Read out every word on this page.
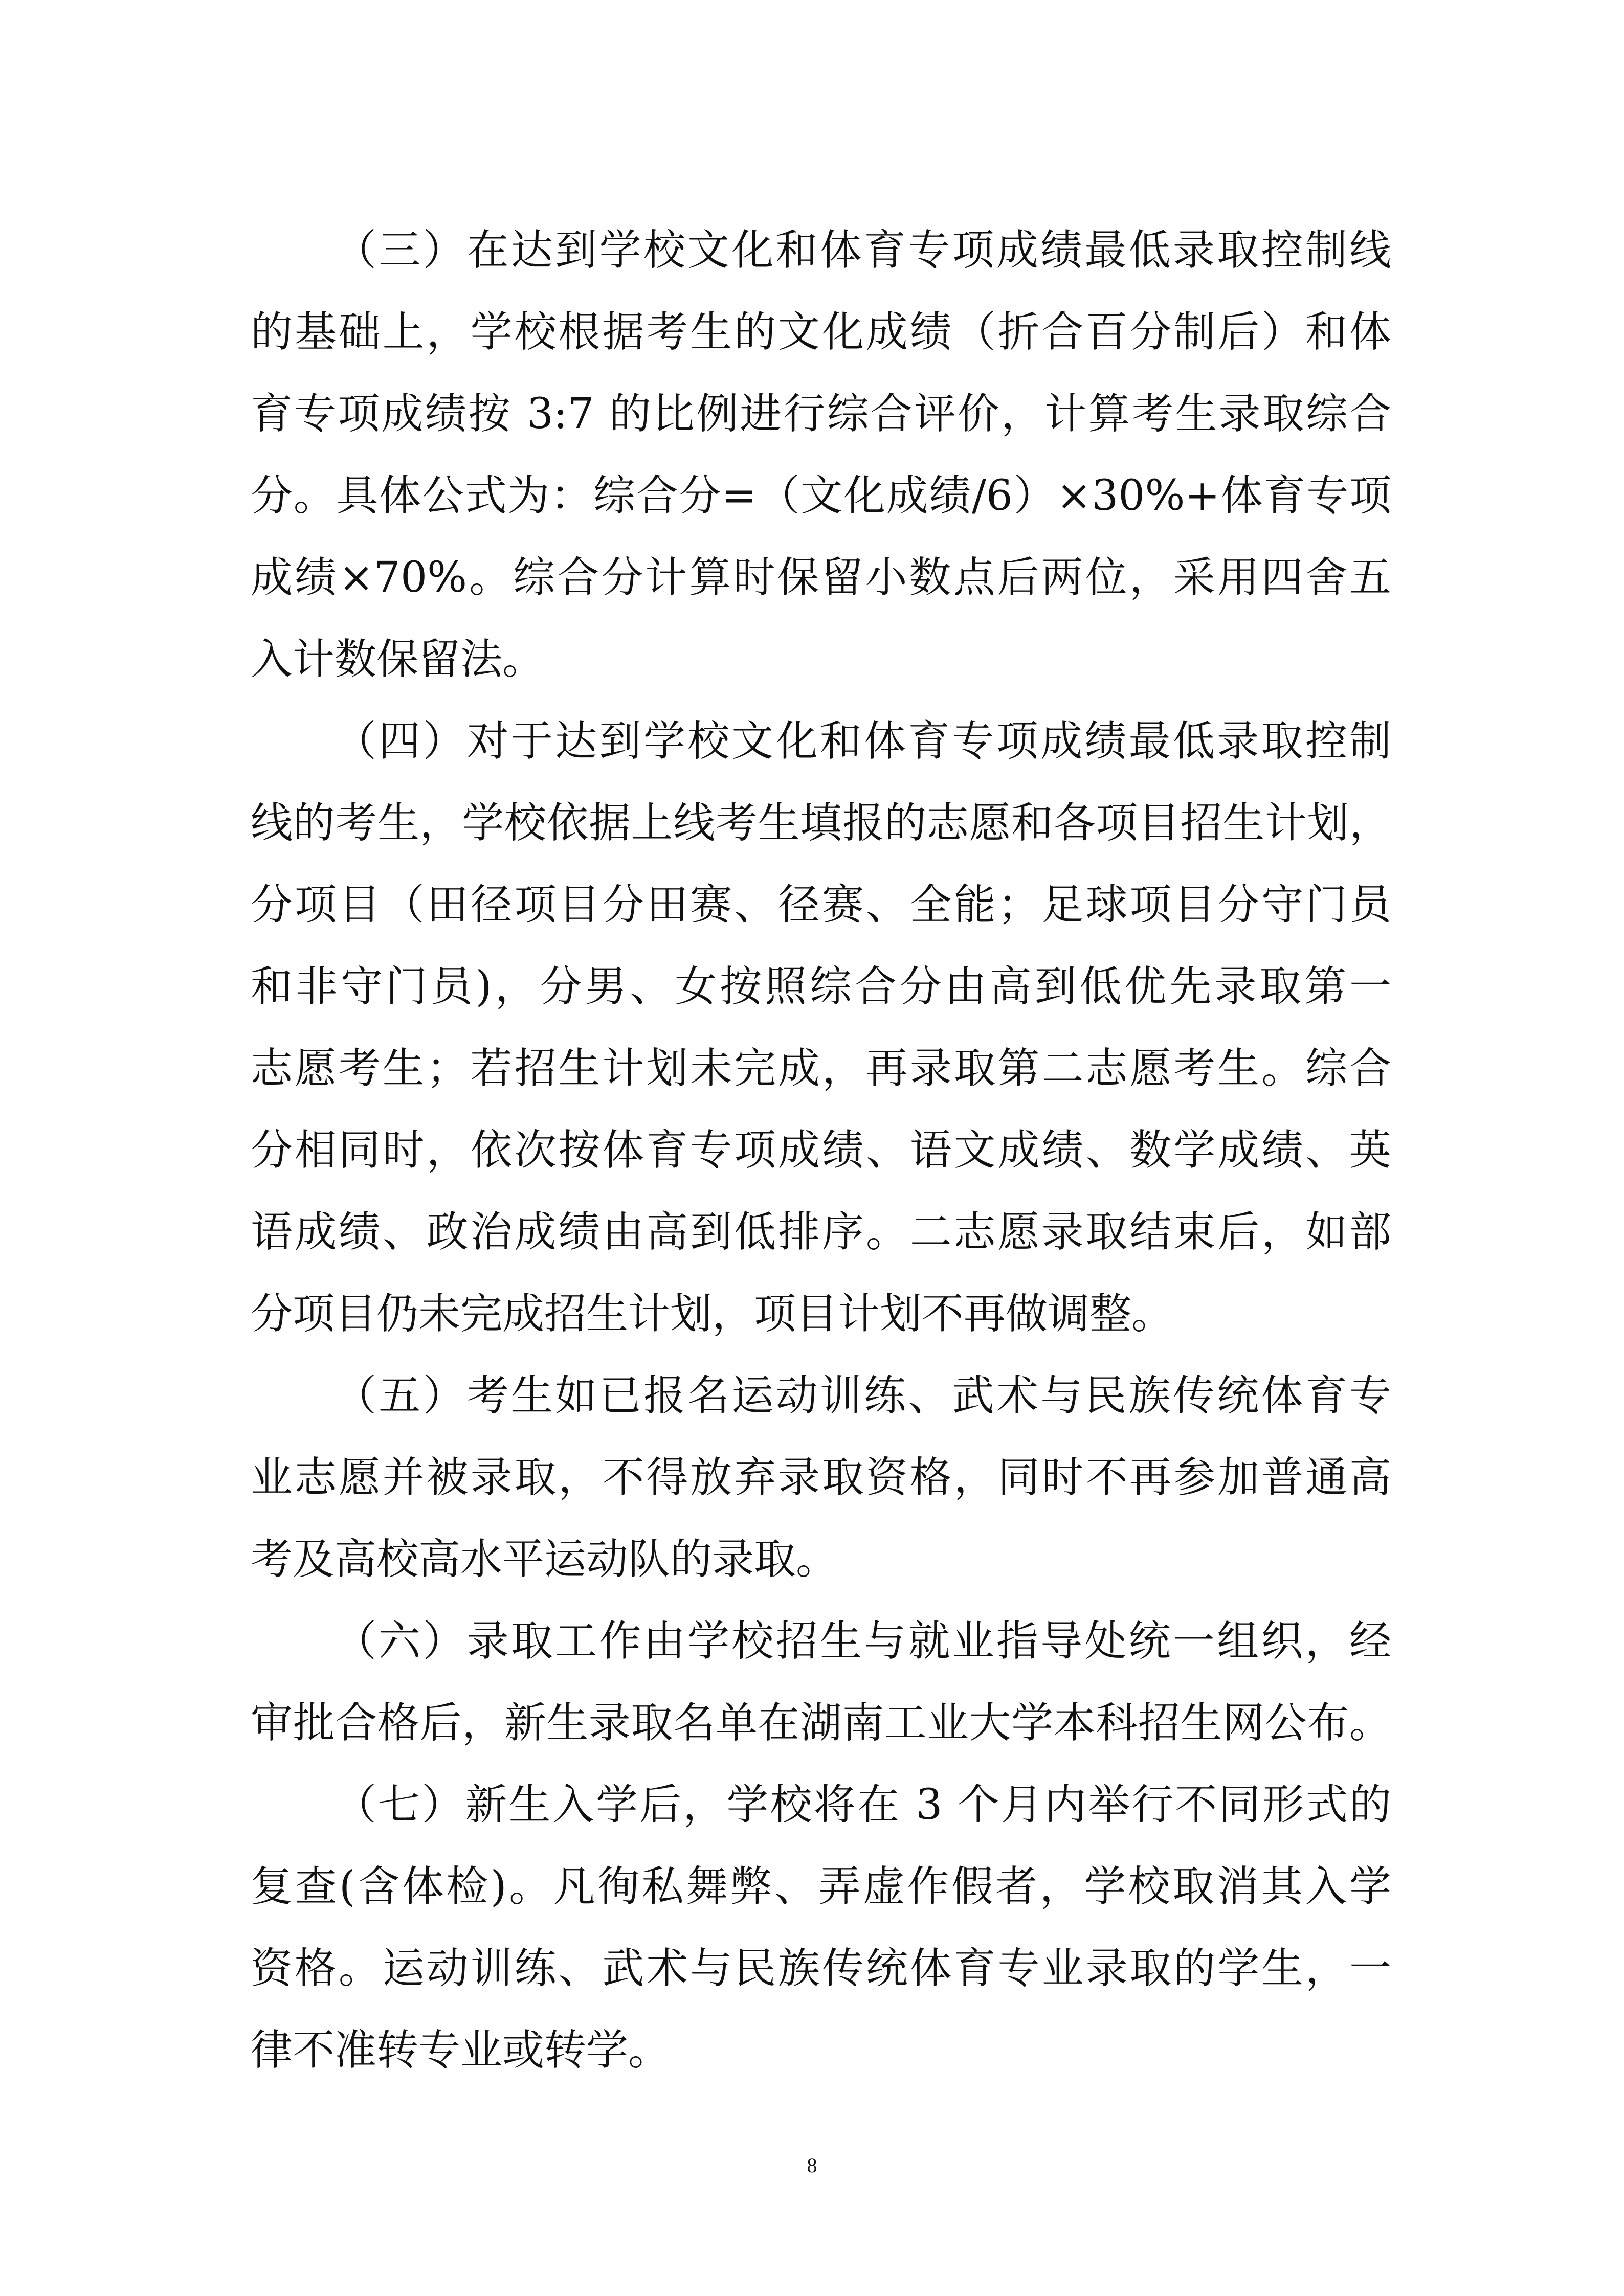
（三）在达到学校文化和体育专项成绩最低录取控制线
的基础上，学校根据考生的文化成绩（折合百分制后）和体
育专项成绩按 3:7 的比例进行综合评价，计算考生录取综合
分。具体公式为：综合分=（文化成绩/6）×30%+体育专项
成绩×70%。综合分计算时保留小数点后两位，采用四舍五
入计数保留法。
（四）对于达到学校文化和体育专项成绩最低录取控制
线的考生，学校依据上线考生填报的志愿和各项目招生计划，
分项目（田径项目分田赛、径赛、全能；足球项目分守门员
和非守门员)，分男、女按照综合分由高到低优先录取第一
志愿考生；若招生计划未完成，再录取第二志愿考生。综合
分相同时，依次按体育专项成绩、语文成绩、数学成绩、英
语成绩、政治成绩由高到低排序。二志愿录取结束后，如部
分项目仍未完成招生计划，项目计划不再做调整。
（五）考生如已报名运动训练、武术与民族传统体育专
业志愿并被录取，不得放弃录取资格，同时不再参加普通高
考及高校高水平运动队的录取。
（六）录取工作由学校招生与就业指导处统一组织，经
审批合格后，新生录取名单在湖南工业大学本科招生网公布。
（七）新生入学后，学校将在 3 个月内举行不同形式的
复查(含体检)。凡徇私舞弊、弄虚作假者，学校取消其入学
资格。运动训练、武术与民族传统体育专业录取的学生，一
律不准转专业或转学。
8
